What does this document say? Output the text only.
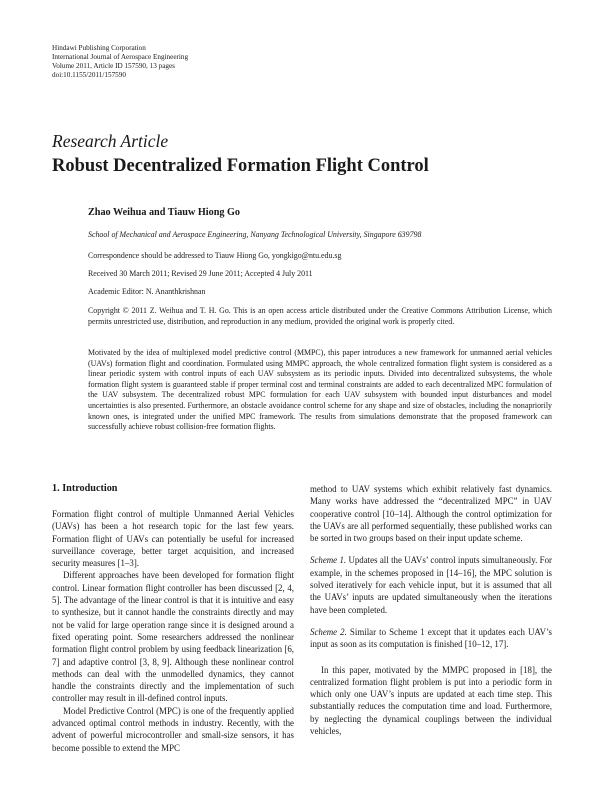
Hindawi Publishing Corporation
International Journal of Aerospace Engineering
Volume 2011, Article ID 157590, 13 pages
doi:10.1155/2011/157590
Research Article
Robust Decentralized Formation Flight Control
Zhao Weihua and Tiauw Hiong Go
School of Mechanical and Aerospace Engineering, Nanyang Technological University, Singapore 639798
Correspondence should be addressed to Tiauw Hiong Go, yongkigo@ntu.edu.sg
Received 30 March 2011; Revised 29 June 2011; Accepted 4 July 2011
Academic Editor: N. Ananthkrishnan
Copyright © 2011 Z. Weihua and T. H. Go. This is an open access article distributed under the Creative Commons Attribution License, which permits unrestricted use, distribution, and reproduction in any medium, provided the original work is properly cited.
Motivated by the idea of multiplexed model predictive control (MMPC), this paper introduces a new framework for unmanned aerial vehicles (UAVs) formation flight and coordination. Formulated using MMPC approach, the whole centralized formation flight system is considered as a linear periodic system with control inputs of each UAV subsystem as its periodic inputs. Divided into decentralized subsystems, the whole formation flight system is guaranteed stable if proper terminal cost and terminal constraints are added to each decentralized MPC formulation of the UAV subsystem. The decentralized robust MPC formulation for each UAV subsystem with bounded input disturbances and model uncertainties is also presented. Furthermore, an obstacle avoidance control scheme for any shape and size of obstacles, including the nonapriorily known ones, is integrated under the unified MPC framework. The results from simulations demonstrate that the proposed framework can successfully achieve robust collision-free formation flights.
1. Introduction

Formation flight control of multiple Unmanned Aerial Vehicles (UAVs) has been a hot research topic for the last few years. Formation flight of UAVs can potentially be useful for increased surveillance coverage, better target acquisition, and increased security measures [1–3].

Different approaches have been developed for formation flight control. Linear formation flight controller has been discussed [2, 4, 5]. The advantage of the linear control is that it is intuitive and easy to synthesize, but it cannot handle the constraints directly and may not be valid for large operation range since it is designed around a fixed operating point. Some researchers addressed the nonlinear formation flight control problem by using feedback linearization [6, 7] and adaptive control [3, 8, 9]. Although these nonlinear control methods can deal with the unmodelled dynamics, they cannot handle the constraints directly and the implementation of such controller may result in ill-defined control inputs.

Model Predictive Control (MPC) is one of the frequently applied advanced optimal control methods in industry. Recently, with the advent of powerful microcontroller and small-size sensors, it has become possible to extend the MPC

method to UAV systems which exhibit relatively fast dynamics. Many works have addressed the “decentralized MPC” in UAV cooperative control [10–14]. Although the control optimization for the UAVs are all performed sequentially, these published works can be sorted in two groups based on their input update scheme.

Scheme 1. Updates all the UAVs’ control inputs simultaneously. For example, in the schemes proposed in [14–16], the MPC solution is solved iteratively for each vehicle input, but it is assumed that all the UAVs’ inputs are updated simultaneously when the iterations have been completed.

Scheme 2. Similar to Scheme 1 except that it updates each UAV’s input as soon as its computation is finished [10–12, 17].

In this paper, motivated by the MMPC proposed in [18], the centralized formation flight problem is put into a periodic form in which only one UAV’s inputs are updated at each time step. This substantially reduces the computation time and load. Furthermore, by neglecting the dynamical couplings between the individual vehicles,
